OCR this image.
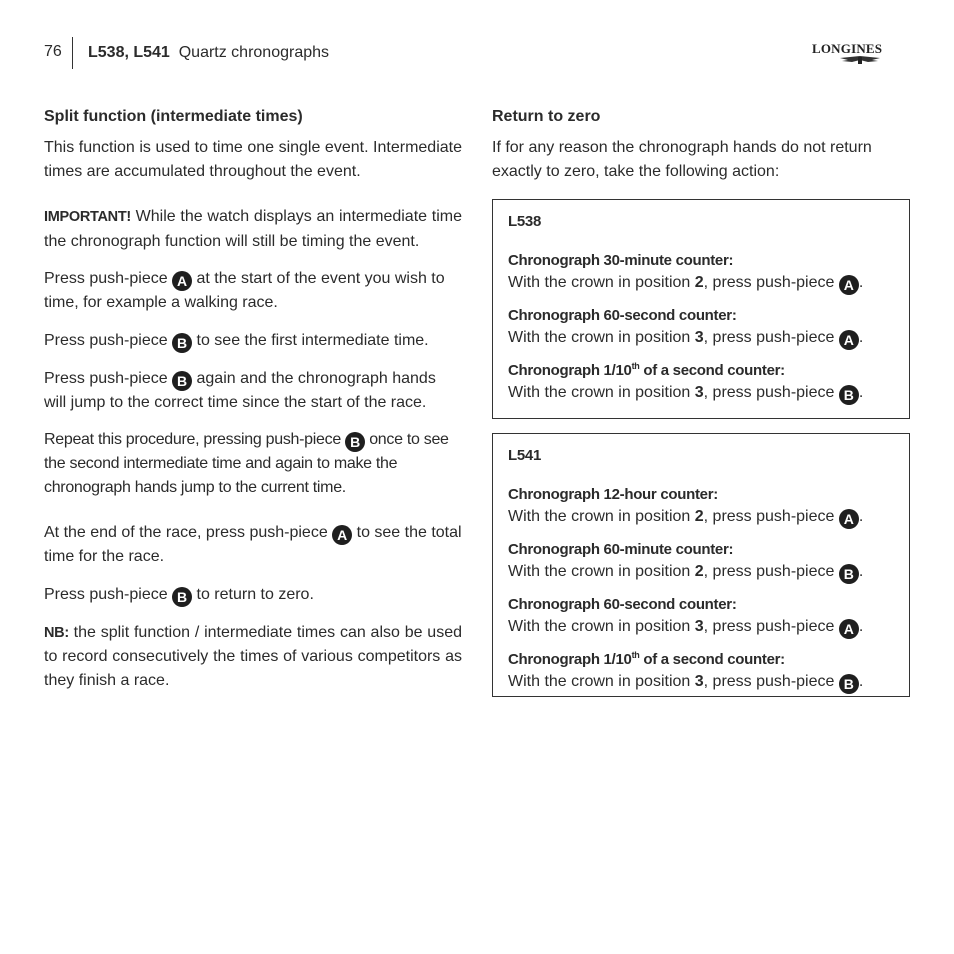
76 L538, L541 Quartz chronographs	LONGINES
Split function (intermediate times)

This function is used to time one single event. Intermediate times are accumulated throughout the event.

IMPORTANT! While the watch displays an intermediate time the chronograph function will still be timing the event.

Press push-piece A at the start of the event you wish to time, for example a walking race.

Press push-piece B to see the first intermediate time.

Press push-piece B again and the chronograph hands will jump to the correct time since the start of the race.

Repeat this procedure, pressing push-piece B once to see the second intermediate time and again to make the chronograph hands jump to the current time.

At the end of the race, press push-piece A to see the total time for the race.

Press push-piece B to return to zero.

NB: the split function / intermediate times can also be used to record consecutively the times of various competitors as they finish a race.

Return to zero

If for any reason the chronograph hands do not return exactly to zero, take the following action:

L538
Chronograph 30-minute counter:
With the crown in position 2, press push-piece A .
Chronograph 60-second counter:
With the crown in position 3, press push-piece A .
Chronograph 1/10th of a second counter:
With the crown in position 3, press push-piece B .
L541
Chronograph 12-hour counter:
With the crown in position 2, press push-piece A .
Chronograph 60-minute counter:
With the crown in position 2, press push-piece B .
Chronograph 60-second counter:
With the crown in position 3, press push-piece A .
Chronograph 1/10th of a second counter:
With the crown in position 3, press push-piece B .
